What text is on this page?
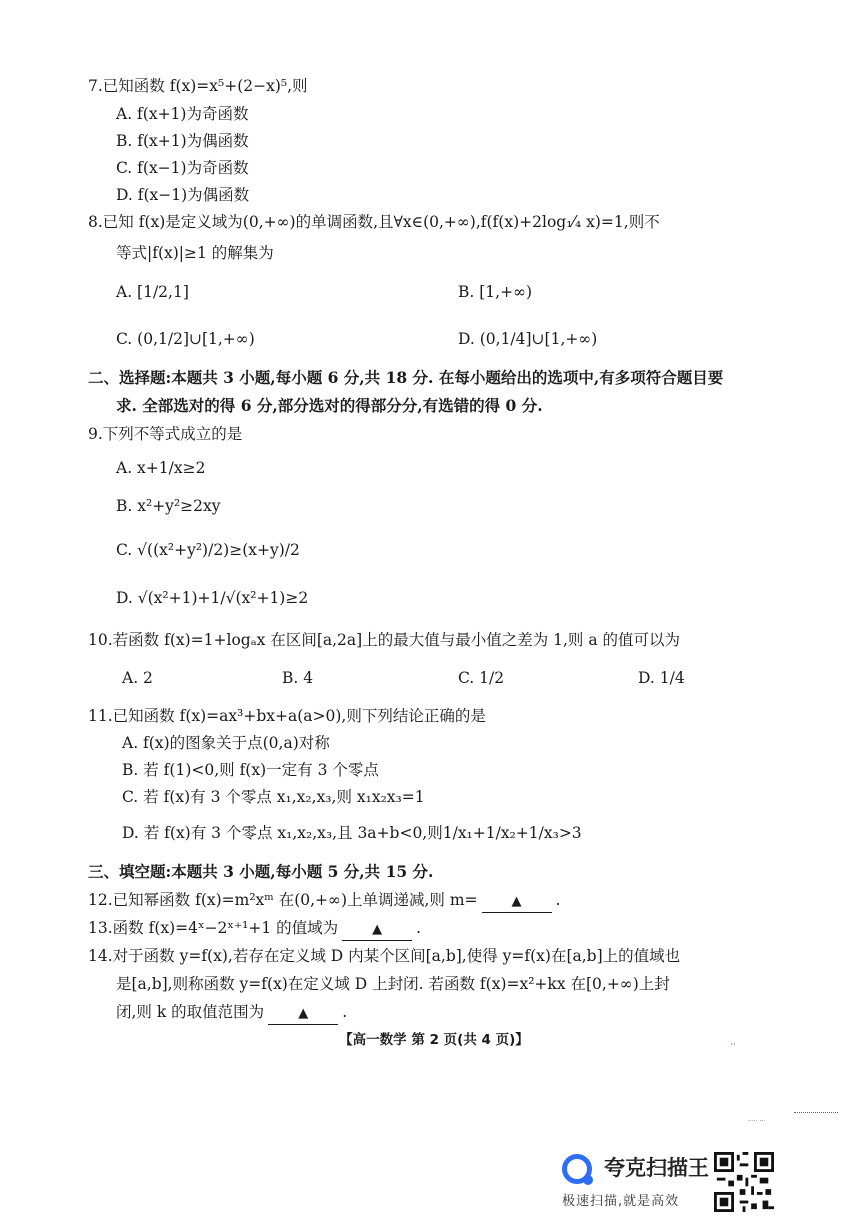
7.已知函数 f(x)=x⁵+(2−x)⁵,则
A. f(x+1)为奇函数
B. f(x+1)为偶函数
C. f(x−1)为奇函数
D. f(x−1)为偶函数
8.已知 f(x)是定义域为(0,+∞)的单调函数,且∀x∈(0,+∞),f(f(x)+2log₁⁄₄ x)=1,则不
等式|f(x)|≥1 的解集为
A. [1/2,1]	B. [1,+∞)
C. (0,1/2]∪[1,+∞)	D. (0,1/4]∪[1,+∞)
二、选择题:本题共 3 小题,每小题 6 分,共 18 分. 在每小题给出的选项中,有多项符合题目要
求. 全部选对的得 6 分,部分选对的得部分分,有选错的得 0 分.
9.下列不等式成立的是
A. x+1/x≥2
B. x²+y²≥2xy
C. √((x²+y²)/2)≥(x+y)/2
D. √(x²+1)+1/√(x²+1)≥2
10.若函数 f(x)=1+logₐx 在区间[a,2a]上的最大值与最小值之差为 1,则 a 的值可以为
A. 2	B. 4	C. 1/2	D. 1/4
11.已知函数 f(x)=ax³+bx+a(a>0),则下列结论正确的是
A. f(x)的图象关于点(0,a)对称
B. 若 f(1)<0,则 f(x)一定有 3 个零点
C. 若 f(x)有 3 个零点 x₁,x₂,x₃,则 x₁x₂x₃=1
D. 若 f(x)有 3 个零点 x₁,x₂,x₃,且 3a+b<0,则1/x₁+1/x₂+1/x₃>3
三、填空题:本题共 3 小题,每小题 5 分,共 15 分.
12.已知幂函数 f(x)=m²xᵐ 在(0,+∞)上单调递减,则 m=	▲ .
13.函数 f(x)=4ˣ−2ˣ⁺¹+1 的值域为	▲ .
14.对于函数 y=f(x),若存在定义域 D 内某个区间[a,b],使得 y=f(x)在[a,b]上的值域也
是[a,b],则称函数 y=f(x)在定义域 D 上封闭. 若函数 f(x)=x²+kx 在[0,+∞)上封
闭,则 k 的取值范围为	▲ .
【高一数学 第 2 页(共 4 页)】	··
····· ···
夸克扫描王
极速扫描,就是高效
